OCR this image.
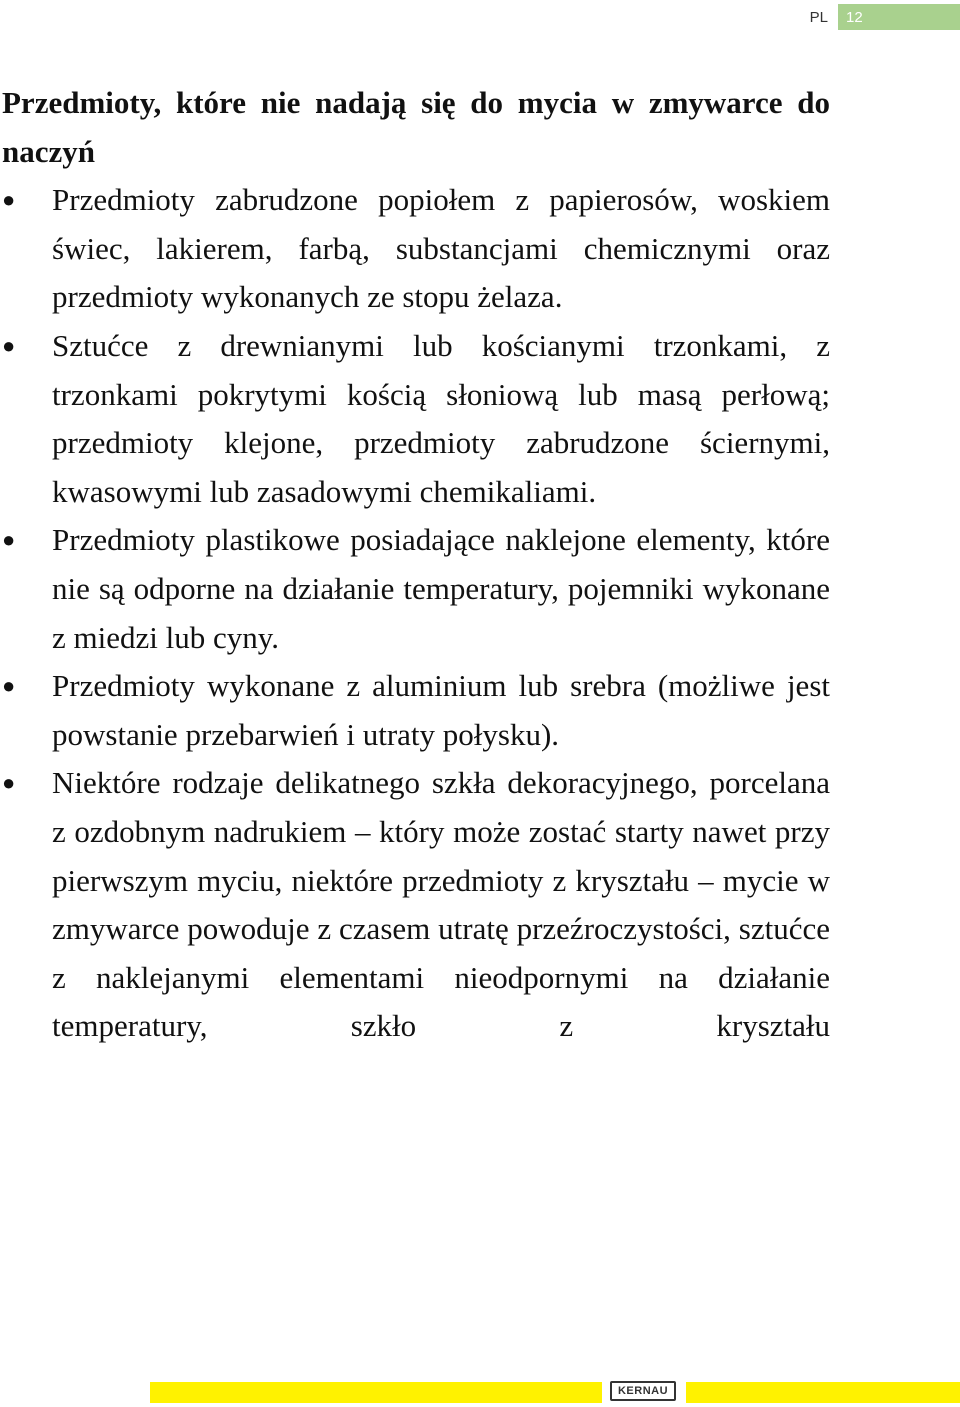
PL	12

Przedmioty, które nie nadają się do mycia w zmywarce do naczyń

● Przedmioty zabrudzone popiołem z papierosów, woskiem świec, lakierem, farbą, substancjami chemicznymi oraz przedmioty wykonanych ze stopu żelaza.
● Sztućce z drewnianymi lub kościanymi trzonkami, z trzonkami pokrytymi kością słoniową lub masą perłową; przedmioty klejone, przedmioty zabrudzone ściernymi, kwasowymi lub zasadowymi chemikaliami.
● Przedmioty plastikowe posiadające naklejone elementy, które nie są odporne na działanie temperatury, pojemniki wykonane z miedzi lub cyny.
● Przedmioty wykonane z aluminium lub srebra (możliwe jest powstanie przebarwień i utraty połysku).
● Niektóre rodzaje delikatnego szkła dekoracyjnego, porcelana z ozdobnym nadrukiem – który może zostać starty nawet przy pierwszym myciu, niektóre przedmioty z kryształu – mycie w zmywarce powoduje z czasem utratę przeźroczystości, sztućce z naklejanymi elementami nieodpornymi na działanie temperatury, szkło z kryształu
KERNAU
